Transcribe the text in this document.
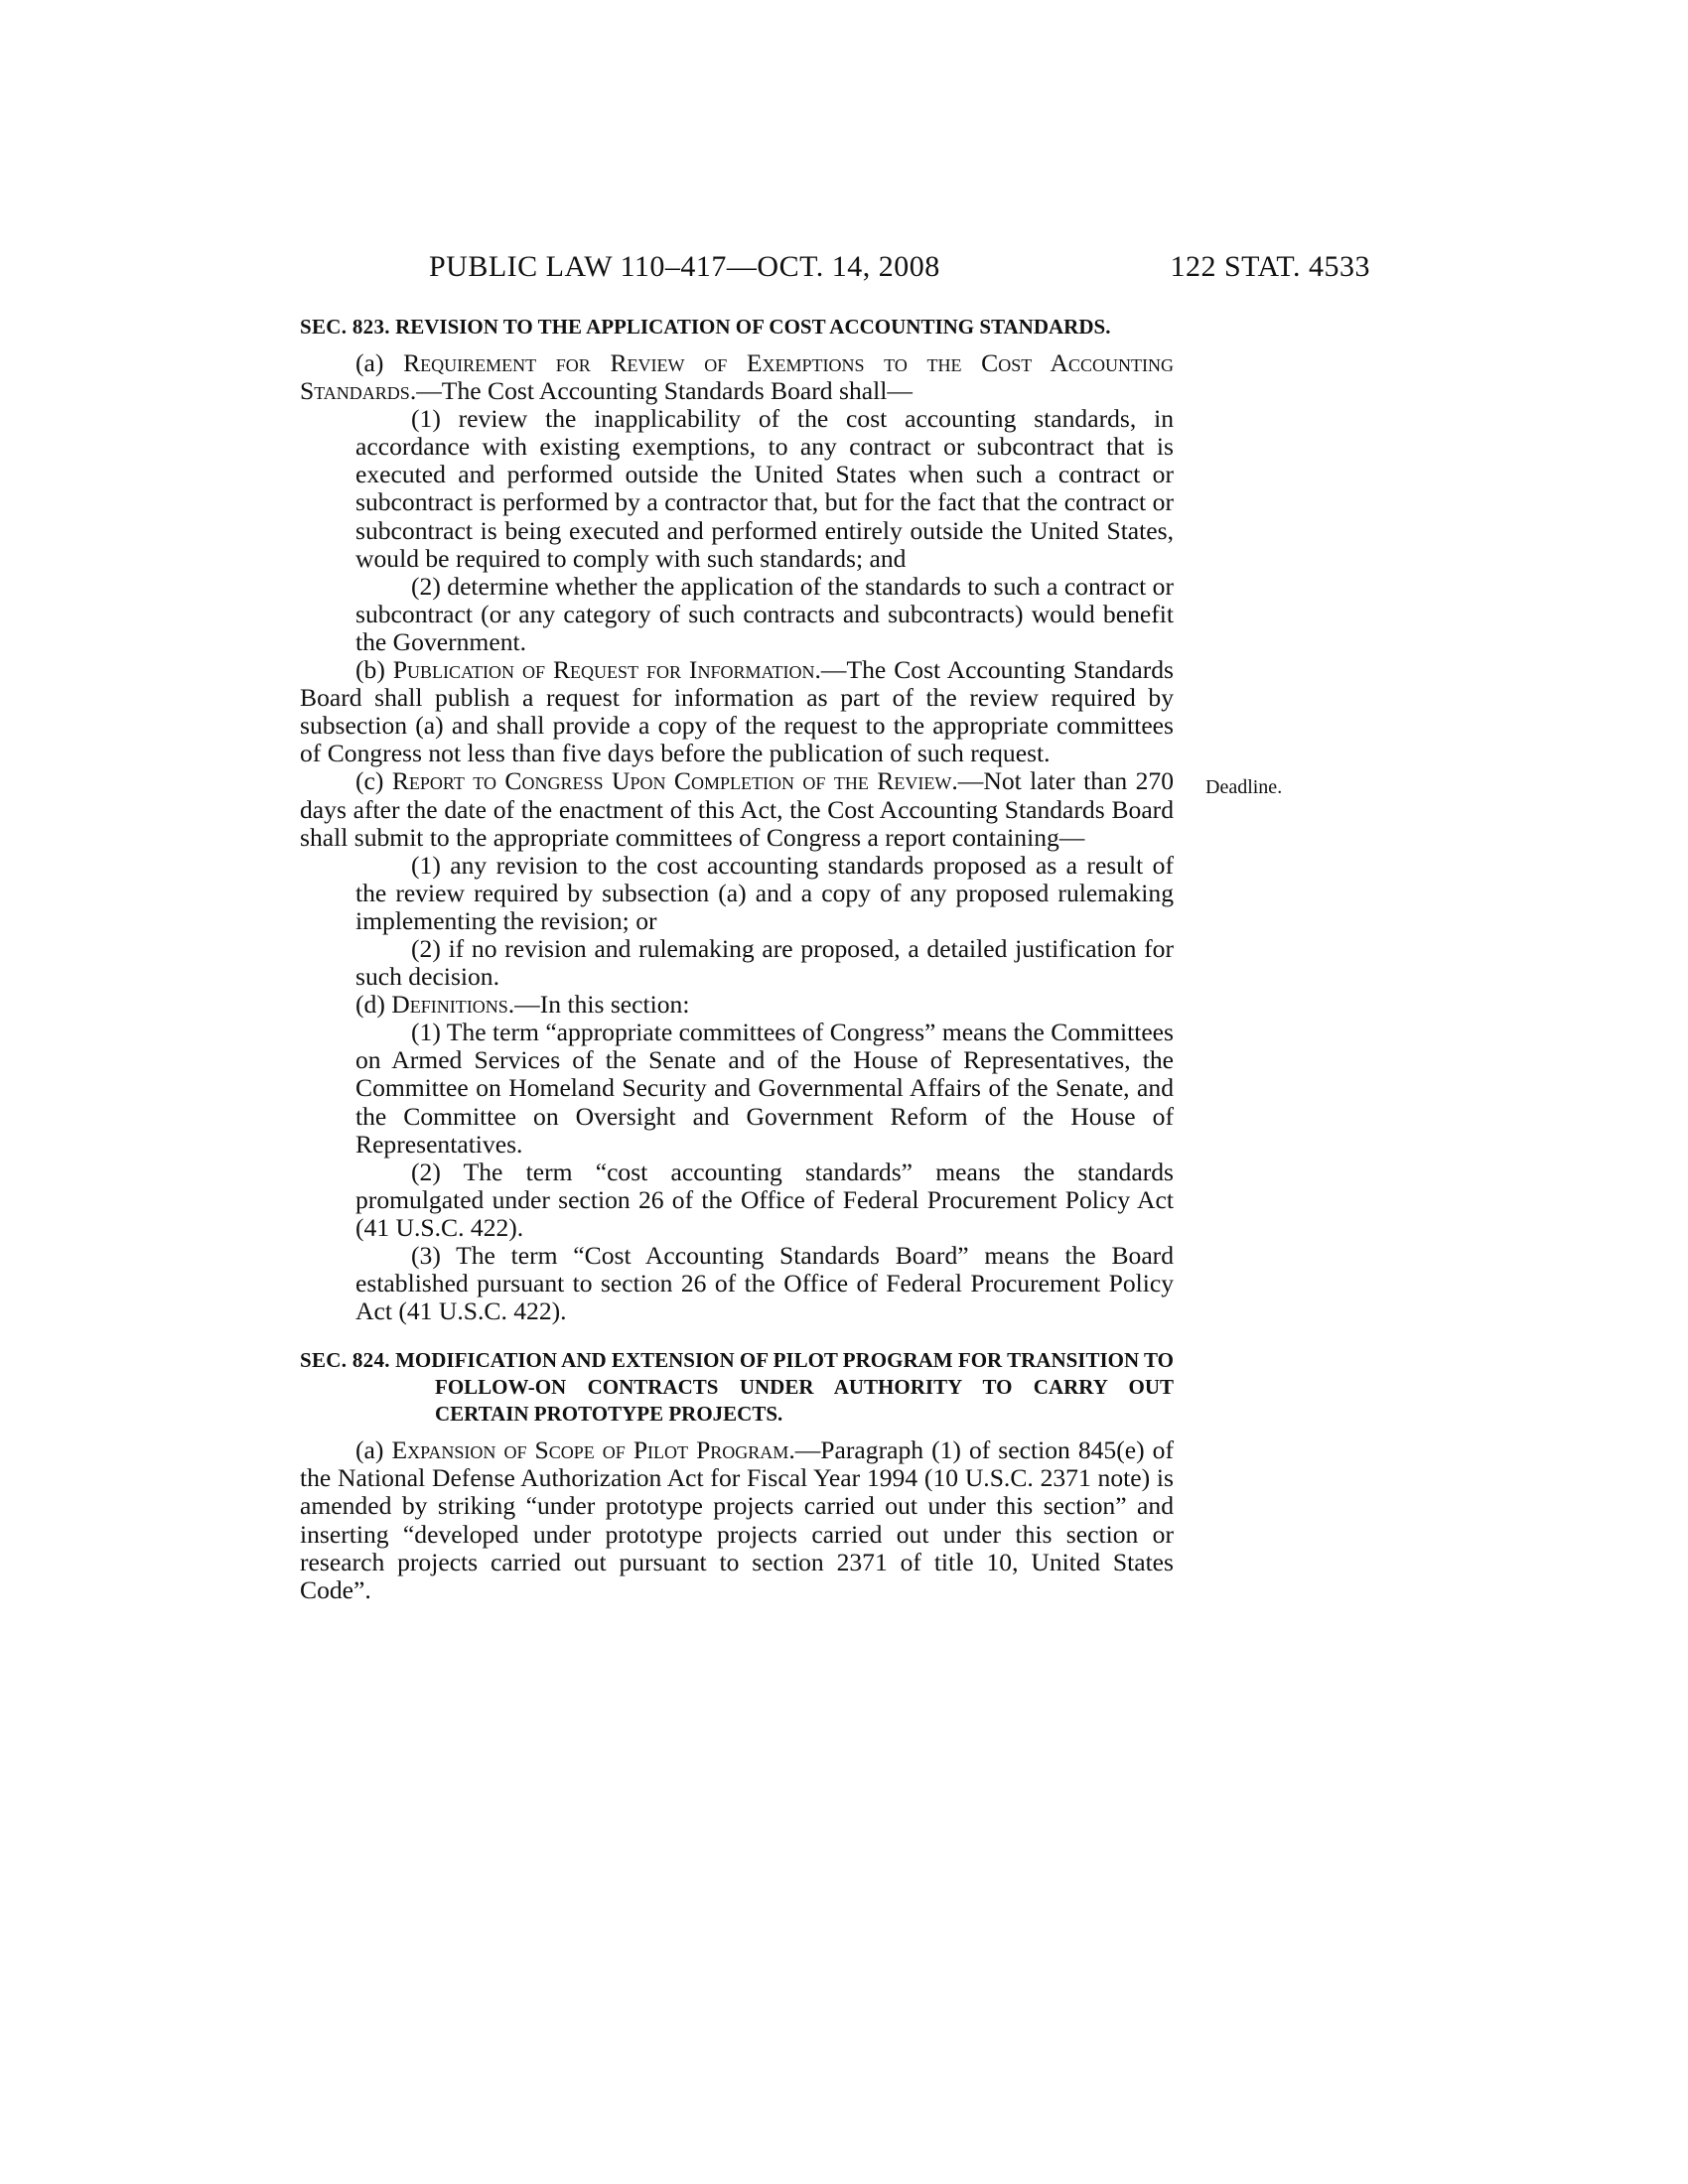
PUBLIC LAW 110–417—OCT. 14, 2008	122 STAT. 4533
Deadline.
SEC. 823. REVISION TO THE APPLICATION OF COST ACCOUNTING STANDARDS.

(a) Requirement for Review of Exemptions to the Cost Accounting Standards.—The Cost Accounting Standards Board shall—

(1) review the inapplicability of the cost accounting standards, in accordance with existing exemptions, to any contract or subcontract that is executed and performed outside the United States when such a contract or subcontract is performed by a contractor that, but for the fact that the contract or subcontract is being executed and performed entirely outside the United States, would be required to comply with such standards; and

(2) determine whether the application of the standards to such a contract or subcontract (or any category of such contracts and subcontracts) would benefit the Government.

(b) Publication of Request for Information.—The Cost Accounting Standards Board shall publish a request for information as part of the review required by subsection (a) and shall provide a copy of the request to the appropriate committees of Congress not less than five days before the publication of such request.

(c) Report to Congress Upon Completion of the Review.—Not later than 270 days after the date of the enactment of this Act, the Cost Accounting Standards Board shall submit to the appropriate committees of Congress a report containing—

(1) any revision to the cost accounting standards proposed as a result of the review required by subsection (a) and a copy of any proposed rulemaking implementing the revision; or

(2) if no revision and rulemaking are proposed, a detailed justification for such decision.

(d) Definitions.—In this section:

(1) The term “appropriate committees of Congress” means the Committees on Armed Services of the Senate and of the House of Representatives, the Committee on Homeland Security and Governmental Affairs of the Senate, and the Committee on Oversight and Government Reform of the House of Representatives.

(2) The term “cost accounting standards” means the standards promulgated under section 26 of the Office of Federal Procurement Policy Act (41 U.S.C. 422).

(3) The term “Cost Accounting Standards Board” means the Board established pursuant to section 26 of the Office of Federal Procurement Policy Act (41 U.S.C. 422).

SEC. 824. MODIFICATION AND EXTENSION OF PILOT PROGRAM FOR TRANSITION TO FOLLOW-ON CONTRACTS UNDER AUTHORITY TO CARRY OUT CERTAIN PROTOTYPE PROJECTS.

(a) Expansion of Scope of Pilot Program.—Paragraph (1) of section 845(e) of the National Defense Authorization Act for Fiscal Year 1994 (10 U.S.C. 2371 note) is amended by striking “under prototype projects carried out under this section” and inserting “developed under prototype projects carried out under this section or research projects carried out pursuant to section 2371 of title 10, United States Code”.
